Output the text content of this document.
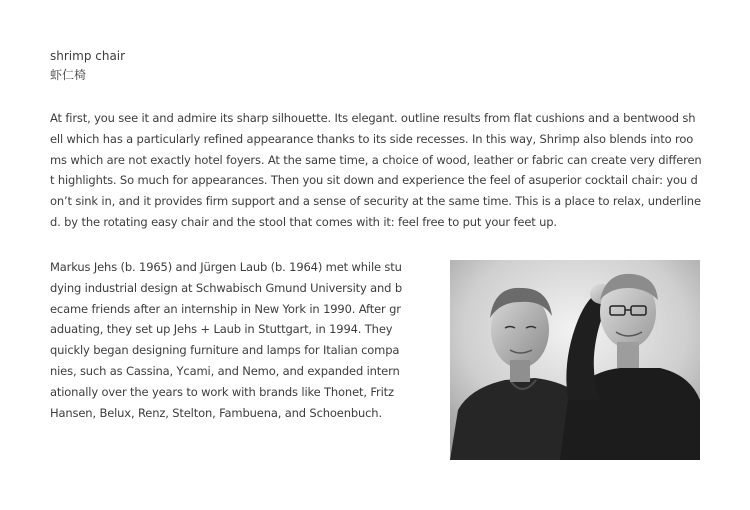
shrimp chair
虾仁椅

At first, you see it and admire its sharp silhouette. Its elegant. outline results from flat cushions and a bentwood shell which has a particularly refined appearance thanks to its side recesses. In this way, Shrimp also blends into rooms which are not exactly hotel foyers. At the same time, a choice of wood, leather or fabric can create very different highlights. So much for appearances. Then you sit down and experience the feel of asuperior cocktail chair: you don’t sink in, and it provides firm support and a sense of security at the same time. This is a place to relax, underlined. by the rotating easy chair and the stool that comes with it: feel free to put your feet up.

Markus Jehs (b. 1965) and Jürgen Laub (b. 1964) met while studying industrial design at Schwabisch Gmund University and became friends after an internship in New York in 1990. After graduating, they set up Jehs + Laub in Stuttgart, in 1994. They quickly began designing furniture and lamps for Italian companies, such as Cassina, Ycami, and Nemo, and expanded internationally over the years to work with brands like Thonet, Fritz Hansen, Belux, Renz, Stelton, Fambuena, and Schoenbuch.
